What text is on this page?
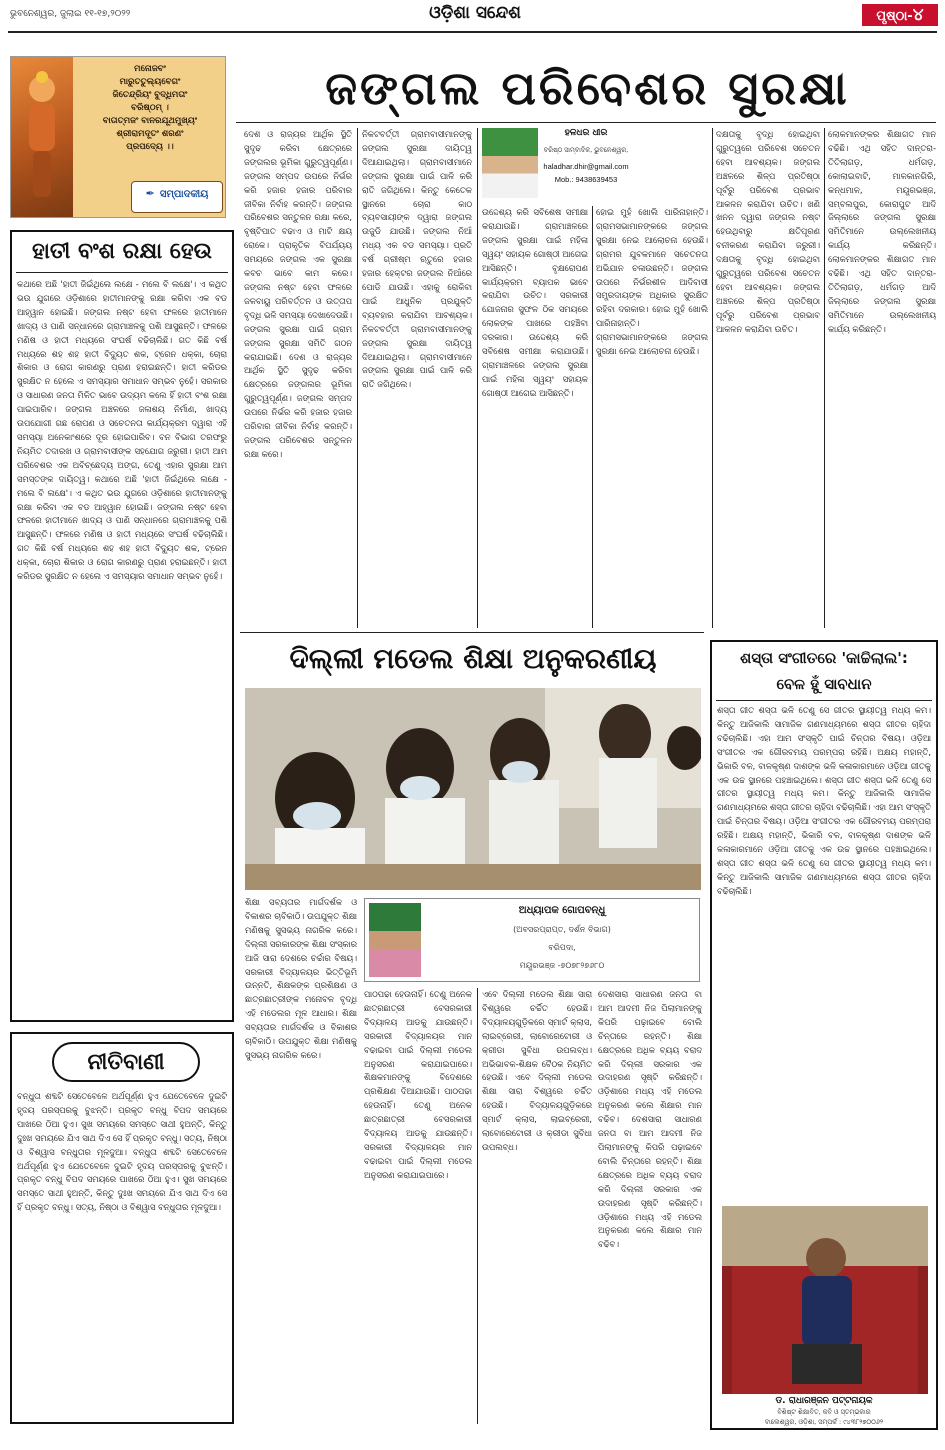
ଭୁବନେଶ୍ୱର, ଜୁଲାଇ ୧୧-୧୭,୨୦୨୨	ଓଡ଼ିଶା ସନ୍ଦେଶ	ପୃଷ୍ଠା-୪
ମନୋଜବଂ
ମାରୁତତୁଲ୍ୟବେଗଂ
ଜିତେନ୍ଦ୍ରିୟଂ ବୁଦ୍ଧିମତାଂ
ବରିଷ୍ଠମ୍ ।
ବାତାତ୍ମଜଂ ବାନରଯୂଥମୁଖ୍ୟଂ
ଶ୍ରୀରାମଦୂତଂ ଶରଣଂ
ପ୍ରପଦ୍ୟେ ।।
✒ ସମ୍ପାଦକୀୟ
ଜଙ୍ଗଲ ପରିବେଶର ସୁରକ୍ଷା
ହାତୀ ବଂଶ ରକ୍ଷା ହେଉ
କଥାରେ ଅଛି 'ହାତୀ ଜିଇଁଥିଲେ ଲକ୍ଷେ - ମଲେ ବି ଲକ୍ଷେ'। ଏ କଥିତ ଭଉ ଯୁଗରେ ଓଡ଼ିଶାରେ ହାତୀମାନଙ୍କୁ ରକ୍ଷା କରିବା ଏକ ବଡ ଆହ୍ୱାନ ହୋଇଛି। ଜଙ୍ଗଲ ନଷ୍ଟ ହେବା ଫଳରେ ହାତୀମାନେ ଖାଦ୍ୟ ଓ ପାଣି ସନ୍ଧାନରେ ଗ୍ରାମାଞ୍ଚଳକୁ ପଶି ଆସୁଛନ୍ତି। ଫଳରେ ମଣିଷ ଓ ହାତୀ ମଧ୍ୟରେ ସଂଘର୍ଷ ବଢିଚାଲିଛି। ଗତ କିଛି ବର୍ଷ ମଧ୍ୟରେ ଶହ ଶହ ହାତୀ ବିଦ୍ୟୁତ ଶକ, ଟ୍ରେନ ଧକ୍କା, ଚୋରା ଶିକାର ଓ ରୋଗ କାରଣରୁ ପ୍ରାଣ ହରାଇଛନ୍ତି। ହାତୀ କରିଡର ସୁରକ୍ଷିତ ନ ହେଲେ ଏ ସମସ୍ୟାର ସମାଧାନ ସମ୍ଭବ ନୁହେଁ। ସରକାର ଓ ସାଧାରଣ ଜନତା ମିଳିତ ଭାବେ ଉଦ୍ୟମ କଲେ ହିଁ ହାତୀ ବଂଶ ରକ୍ଷା ପାଇପାରିବ। ଜଙ୍ଗଲ ଅଞ୍ଚଳରେ ଜଳାଶୟ ନିର୍ମାଣ, ଖାଦ୍ୟ ଉପଯୋଗୀ ଗଛ ରୋପଣ ଓ ସଚେତନତା କାର୍ଯ୍ୟକ୍ରମ ଦ୍ୱାରା ଏହି ସମସ୍ୟା ଅନେକାଂଶରେ ଦୂର ହୋଇପାରିବ। ବନ ବିଭାଗ ତରଫରୁ ନିୟମିତ ତଦାରଖ ଓ ଗ୍ରାମବାସୀଙ୍କ ସହଯୋଗ ଜରୁରୀ। ହାତୀ ଆମ ପରିବେଶର ଏକ ଅବିଚ୍ଛେଦ୍ୟ ଅଙ୍ଗ, ତେଣୁ ଏହାର ସୁରକ୍ଷା ଆମ ସମସ୍ତଙ୍କ ଦାୟିତ୍ୱ। କଥାରେ ଅଛି 'ହାତୀ ଜିଇଁଥିଲେ ଲକ୍ଷେ - ମଲେ ବି ଲକ୍ଷେ'। ଏ କଥିତ ଭଉ ଯୁଗରେ ଓଡ଼ିଶାରେ ହାତୀମାନଙ୍କୁ ରକ୍ଷା କରିବା ଏକ ବଡ ଆହ୍ୱାନ ହୋଇଛି। ଜଙ୍ଗଲ ନଷ୍ଟ ହେବା ଫଳରେ ହାତୀମାନେ ଖାଦ୍ୟ ଓ ପାଣି ସନ୍ଧାନରେ ଗ୍ରାମାଞ୍ଚଳକୁ ପଶି ଆସୁଛନ୍ତି। ଫଳରେ ମଣିଷ ଓ ହାତୀ ମଧ୍ୟରେ ସଂଘର୍ଷ ବଢିଚାଲିଛି। ଗତ କିଛି ବର୍ଷ ମଧ୍ୟରେ ଶହ ଶହ ହାତୀ ବିଦ୍ୟୁତ ଶକ, ଟ୍ରେନ ଧକ୍କା, ଚୋରା ଶିକାର ଓ ରୋଗ କାରଣରୁ ପ୍ରାଣ ହରାଇଛନ୍ତି। ହାତୀ କରିଡର ସୁରକ୍ଷିତ ନ ହେଲେ ଏ ସମସ୍ୟାର ସମାଧାନ ସମ୍ଭବ ନୁହେଁ।
ନୀତିବାଣୀ
ବନ୍ଧୁତା ଶବ୍ଦଟି ସେତେବେଳେ ଅର୍ଥପୂର୍ଣ୍ଣ ହୁଏ ଯେତେବେଳେ ଦୁଇଟି ହୃଦୟ ପରସ୍ପରକୁ ବୁଝନ୍ତି। ପ୍ରକୃତ ବନ୍ଧୁ ବିପଦ ସମୟରେ ପାଖରେ ଠିଆ ହୁଏ। ସୁଖ ସମୟରେ ସମସ୍ତେ ସାଥୀ ହୁଅନ୍ତି, କିନ୍ତୁ ଦୁଃଖ ସମୟରେ ଯିଏ ସାଥ ଦିଏ ସେ ହିଁ ପ୍ରକୃତ ବନ୍ଧୁ। ସତ୍ୟ, ନିଷ୍ଠା ଓ ବିଶ୍ୱାସ ବନ୍ଧୁତାର ମୂଳଦୁଆ। ବନ୍ଧୁତା ଶବ୍ଦଟି ସେତେବେଳେ ଅର୍ଥପୂର୍ଣ୍ଣ ହୁଏ ଯେତେବେଳେ ଦୁଇଟି ହୃଦୟ ପରସ୍ପରକୁ ବୁଝନ୍ତି। ପ୍ରକୃତ ବନ୍ଧୁ ବିପଦ ସମୟରେ ପାଖରେ ଠିଆ ହୁଏ। ସୁଖ ସମୟରେ ସମସ୍ତେ ସାଥୀ ହୁଅନ୍ତି, କିନ୍ତୁ ଦୁଃଖ ସମୟରେ ଯିଏ ସାଥ ଦିଏ ସେ ହିଁ ପ୍ରକୃତ ବନ୍ଧୁ। ସତ୍ୟ, ନିଷ୍ଠା ଓ ବିଶ୍ୱାସ ବନ୍ଧୁତାର ମୂଳଦୁଆ।
ଦେଶ ଓ ରାଜ୍ୟର ଆର୍ଥିକ ସ୍ଥିତି ସୁଦୃଢ କରିବା କ୍ଷେତ୍ରରେ ଜଙ୍ଗଲର ଭୂମିକା ଗୁରୁତ୍ୱପୂର୍ଣ୍ଣ। ଜଙ୍ଗଲ ସମ୍ପଦ ଉପରେ ନିର୍ଭର କରି ହଜାର ହଜାର ପରିବାର ଜୀବିକା ନିର୍ବାହ କରନ୍ତି। ଜଙ୍ଗଲ ପରିବେଶର ସନ୍ତୁଳନ ରକ୍ଷା କରେ, ବୃଷ୍ଟିପାତ ବଢାଏ ଓ ମାଟି କ୍ଷୟ ରୋକେ। ପ୍ରାକୃତିକ ବିପର୍ଯ୍ୟୟ ସମୟରେ ଜଙ୍ଗଲ ଏକ ସୁରକ୍ଷା କବଚ ଭାବେ କାମ କରେ। ଜଙ୍ଗଲ ନଷ୍ଟ ହେବା ଫଳରେ ଜଳବାୟୁ ପରିବର୍ତ୍ତନ ଓ ଉତ୍ତାପ ବୃଦ୍ଧି ଭଳି ସମସ୍ୟା ଦେଖାଦେଉଛି। ଜଙ୍ଗଲ ସୁରକ୍ଷା ପାଇଁ ଗ୍ରାମ ଜଙ୍ଗଲ ସୁରକ୍ଷା ସମିତି ଗଠନ କରାଯାଇଛି। ଦେଶ ଓ ରାଜ୍ୟର ଆର୍ଥିକ ସ୍ଥିତି ସୁଦୃଢ କରିବା କ୍ଷେତ୍ରରେ ଜଙ୍ଗଲର ଭୂମିକା ଗୁରୁତ୍ୱପୂର୍ଣ୍ଣ। ଜଙ୍ଗଲ ସମ୍ପଦ ଉପରେ ନିର୍ଭର କରି ହଜାର ହଜାର ପରିବାର ଜୀବିକା ନିର୍ବାହ କରନ୍ତି। ଜଙ୍ଗଲ ପରିବେଶର ସନ୍ତୁଳନ ରକ୍ଷା କରେ।
ନିକଟବର୍ତ୍ତୀ ଗ୍ରାମବାସୀମାନଙ୍କୁ ଜଙ୍ଗଲ ସୁରକ୍ଷା ଦାୟିତ୍ୱ ଦିଆଯାଇଥିଲା। ଗ୍ରାମବାସୀମାନେ ଜଙ୍ଗଲ ସୁରକ୍ଷା ପାଇଁ ପାଳି କରି ରାତି ଜଗିଥିଲେ। କିନ୍ତୁ କେତେକ ସ୍ଥାନରେ ଚୋରା କାଠ ବ୍ୟବସାୟୀଙ୍କ ଦ୍ୱାରା ଜଙ୍ଗଲ ଉଜୁଡି ଯାଉଛି। ଜଙ୍ଗଲ ନିଆଁ ମଧ୍ୟ ଏକ ବଡ ସମସ୍ୟା। ପ୍ରତି ବର୍ଷ ଗ୍ରୀଷ୍ମ ଋତୁରେ ହଜାର ହଜାର ହେକ୍ଟର ଜଙ୍ଗଲ ନିଆଁରେ ପୋଡି ଯାଉଛି। ଏହାକୁ ରୋକିବା ପାଇଁ ଆଧୁନିକ ପ୍ରଯୁକ୍ତି ବ୍ୟବହାର କରାଯିବା ଆବଶ୍ୟକ। ନିକଟବର୍ତ୍ତୀ ଗ୍ରାମବାସୀମାନଙ୍କୁ ଜଙ୍ଗଲ ସୁରକ୍ଷା ଦାୟିତ୍ୱ ଦିଆଯାଇଥିଲା। ଗ୍ରାମବାସୀମାନେ ଜଙ୍ଗଲ ସୁରକ୍ଷା ପାଇଁ ପାଳି କରି ରାତି ଜଗିଥିଲେ।
ହଳଧର ଧୀର
ବରିଷ୍ଠ ସାମ୍ବାଦିକ, ଭୁବନେଶ୍ୱର,
haladhar.dhir@gmail.com
Mob.: 9438639453
ଉଦ୍ଦେଶ୍ୟ କରି ସବିଶେଷ ସମୀକ୍ଷା କରାଯାଉଛି। ଗ୍ରାମାଞ୍ଚଳରେ ଜଙ୍ଗଲ ସୁରକ୍ଷା ପାଇଁ ମହିଳା ସ୍ୱୟଂ ସହାୟକ ଗୋଷ୍ଠୀ ଆଗେଇ ଆସିଛନ୍ତି। ବୃକ୍ଷରୋପଣ କାର୍ଯ୍ୟକ୍ରମ ବ୍ୟାପକ ଭାବେ କରାଯିବା ଉଚିତ। ସରକାରୀ ଯୋଜନାର ସୁଫଳ ଠିକ ସମୟରେ ଲୋକଙ୍କ ପାଖରେ ପହଞ୍ଚିବା ଦରକାର। ଉଦ୍ଦେଶ୍ୟ କରି ସବିଶେଷ ସମୀକ୍ଷା କରାଯାଉଛି। ଗ୍ରାମାଞ୍ଚଳରେ ଜଙ୍ଗଲ ସୁରକ୍ଷା ପାଇଁ ମହିଳା ସ୍ୱୟଂ ସହାୟକ ଗୋଷ୍ଠୀ ଆଗେଇ ଆସିଛନ୍ତି।
ହୋଇ ମୁହଁ ଖୋଲି ପାରିନାହାନ୍ତି। ଗ୍ରାମସଭାମାନଙ୍କରେ ଜଙ୍ଗଲ ସୁରକ୍ଷା ନେଇ ଆଲୋଚନା ହେଉଛି। ଗ୍ରାମର ଯୁବକମାନେ ସଚେତନତା ଅଭିଯାନ ଚଳାଉଛନ୍ତି। ଜଙ୍ଗଲ ଉପରେ ନିର୍ଭରଶୀଳ ଆଦିବାସୀ ସମ୍ପ୍ରଦାୟଙ୍କ ଅଧିକାର ସୁରକ୍ଷିତ ରହିବା ଦରକାର। ହୋଇ ମୁହଁ ଖୋଲି ପାରିନାହାନ୍ତି। ଗ୍ରାମସଭାମାନଙ୍କରେ ଜଙ୍ଗଲ ସୁରକ୍ଷା ନେଇ ଆଲୋଚନା ହେଉଛି।
ଦକ୍ଷତାକୁ ବୃଦ୍ଧି ହୋଇଥିବା ଗୁରୁତ୍ୱରେ ପରିବେଶ ସଚେତନ ହେବା ଆବଶ୍ୟକ। ଜଙ୍ଗଲ ଅଞ୍ଚଳରେ ଶିଳ୍ପ ପ୍ରତିଷ୍ଠା ପୂର୍ବରୁ ପରିବେଶ ପ୍ରଭାବ ଆକଳନ କରାଯିବା ଉଚିତ। ଖଣି ଖନନ ଦ୍ୱାରା ଜଙ୍ଗଲ ନଷ୍ଟ ହେଉଥିବାରୁ କ୍ଷତିପୂରଣ ବନୀକରଣ କରାଯିବା ଜରୁରୀ। ଦକ୍ଷତାକୁ ବୃଦ୍ଧି ହୋଇଥିବା ଗୁରୁତ୍ୱରେ ପରିବେଶ ସଚେତନ ହେବା ଆବଶ୍ୟକ। ଜଙ୍ଗଲ ଅଞ୍ଚଳରେ ଶିଳ୍ପ ପ୍ରତିଷ୍ଠା ପୂର୍ବରୁ ପରିବେଶ ପ୍ରଭାବ ଆକଳନ କରାଯିବା ଉଚିତ।
ଲୋକମାନଙ୍କର ଶିକ୍ଷାଗତ ମାନ ବଢିଛି। ଏଥି ସହିତ ଦାନ୍ତରା-ତିତିଲାଗଡ଼, ଧର୍ମଗଡ଼, କୋଲାଇବାଟି, ମାଳକାନଗିରି, କନ୍ଧମାଳ, ମୟୂରଭଞ୍ଜ, ସମ୍ବଲପୁର, କୋରାପୁଟ ଆଦି ଜିଲ୍ଲାରେ ଜଙ୍ଗଲ ସୁରକ୍ଷା ସମିତିମାନେ ଉଲ୍ଲେଖନୀୟ କାର୍ଯ୍ୟ କରିଛନ୍ତି। ଲୋକମାନଙ୍କର ଶିକ୍ଷାଗତ ମାନ ବଢିଛି। ଏଥି ସହିତ ଦାନ୍ତରା-ତିତିଲାଗଡ଼, ଧର୍ମଗଡ଼ ଆଦି ଜିଲ୍ଲାରେ ଜଙ୍ଗଲ ସୁରକ୍ଷା ସମିତିମାନେ ଉଲ୍ଲେଖନୀୟ କାର୍ଯ୍ୟ କରିଛନ୍ତି।
ଦିଲ୍ଲୀ ମଡେଲ ଶିକ୍ଷା ଅନୁକରଣୀୟ
ଶିକ୍ଷା ସବ୍ୟତାର ମାର୍ଗଦର୍ଶକ ଓ ବିକାଶର ଚାବିକାଠି। ଉପଯୁକ୍ତ ଶିକ୍ଷା ମଣିଷକୁ ସୁସଭ୍ୟ ନାଗରିକ କରେ। ଦିଲ୍ଲୀ ସରକାରଙ୍କ ଶିକ୍ଷା ସଂସ୍କାର ଆଜି ସାରା ଦେଶରେ ଚର୍ଚ୍ଚାର ବିଷୟ। ସରକାରୀ ବିଦ୍ୟାଳୟର ଭିତ୍ତିଭୂମି ଉନ୍ନତି, ଶିକ୍ଷକଙ୍କ ପ୍ରଶିକ୍ଷଣ ଓ ଛାତ୍ରଛାତ୍ରୀଙ୍କ ମନୋବଳ ବୃଦ୍ଧି ଏହି ମଡେଲର ମୂଳ ଆଧାର। ଶିକ୍ଷା ସବ୍ୟତାର ମାର୍ଗଦର୍ଶକ ଓ ବିକାଶର ଚାବିକାଠି। ଉପଯୁକ୍ତ ଶିକ୍ଷା ମଣିଷକୁ ସୁସଭ୍ୟ ନାଗରିକ କରେ।
ଅଧ୍ୟାପକ ଗୋପବନ୍ଧୁ
(ଅବସରପ୍ରାପ୍ତ, ଦର୍ଶନ ବିଭାଗ)
ବରିପଦା,
ମୟୂରଭଞ୍ଜ -୭୦୭୮୨୭୬୮୦
ପାଠପଢା ହେଉନାହିଁ। ତେଣୁ ଅନେକ ଛାତ୍ରଛାତ୍ରୀ ବେସରକାରୀ ବିଦ୍ୟାଳୟ ଆଡକୁ ଯାଉଛନ୍ତି। ସରକାରୀ ବିଦ୍ୟାଳୟର ମାନ ବଢାଇବା ପାଇଁ ଦିଲ୍ଲୀ ମଡେଲ ଅନୁସରଣ କରାଯାଇପାରେ। ଶିକ୍ଷକମାନଙ୍କୁ ବିଦେଶରେ ପ୍ରଶିକ୍ଷଣ ଦିଆଯାଉଛି। ପାଠପଢା ହେଉନାହିଁ। ତେଣୁ ଅନେକ ଛାତ୍ରଛାତ୍ରୀ ବେସରକାରୀ ବିଦ୍ୟାଳୟ ଆଡକୁ ଯାଉଛନ୍ତି। ସରକାରୀ ବିଦ୍ୟାଳୟର ମାନ ବଢାଇବା ପାଇଁ ଦିଲ୍ଲୀ ମଡେଲ ଅନୁସରଣ କରାଯାଇପାରେ।
ଏବେ ଦିଲ୍ଲୀ ମଡେଲ ଶିକ୍ଷା ସାରା ବିଶ୍ୱରେ ଚର୍ଚ୍ଚିତ ହେଉଛି। ବିଦ୍ୟାଳୟଗୁଡ଼ିକରେ ସ୍ମାର୍ଟ କ୍ଲାସ, ଲାଇବ୍ରେରୀ, ଲାବୋରେଟୋରୀ ଓ କ୍ରୀଡା ସୁବିଧା ଉପଲବ୍ଧ। ଅଭିଭାବକ-ଶିକ୍ଷକ ବୈଠକ ନିୟମିତ ହେଉଛି। ଏବେ ଦିଲ୍ଲୀ ମଡେଲ ଶିକ୍ଷା ସାରା ବିଶ୍ୱରେ ଚର୍ଚ୍ଚିତ ହେଉଛି। ବିଦ୍ୟାଳୟଗୁଡ଼ିକରେ ସ୍ମାର୍ଟ କ୍ଲାସ, ଲାଇବ୍ରେରୀ, ଲାବୋରେଟୋରୀ ଓ କ୍ରୀଡା ସୁବିଧା ଉପଲବ୍ଧ।
ଦେଶସାରା ସାଧାରଣ ଜନତା ବା ଆମ ଆଦମୀ ନିଜ ପିଲାମାନଙ୍କୁ କିପରି ପଢ଼ାଇବେ ବୋଲି ଚିନ୍ତାରେ ରହନ୍ତି। ଶିକ୍ଷା କ୍ଷେତ୍ରରେ ଅଧିକ ବ୍ୟୟ ବରାଦ କରି ଦିଲ୍ଲୀ ସରକାର ଏକ ଉଦାହରଣ ସୃଷ୍ଟି କରିଛନ୍ତି। ଓଡ଼ିଶାରେ ମଧ୍ୟ ଏହି ମଡେଲ ଅନୁକରଣ କଲେ ଶିକ୍ଷାର ମାନ ବଢିବ। ଦେଶସାରା ସାଧାରଣ ଜନତା ବା ଆମ ଆଦମୀ ନିଜ ପିଲାମାନଙ୍କୁ କିପରି ପଢ଼ାଇବେ ବୋଲି ଚିନ୍ତାରେ ରହନ୍ତି। ଶିକ୍ଷା କ୍ଷେତ୍ରରେ ଅଧିକ ବ୍ୟୟ ବରାଦ କରି ଦିଲ୍ଲୀ ସରକାର ଏକ ଉଦାହରଣ ସୃଷ୍ଟି କରିଛନ୍ତି। ଓଡ଼ିଶାରେ ମଧ୍ୟ ଏହି ମଡେଲ ଅନୁକରଣ କଲେ ଶିକ୍ଷାର ମାନ ବଢିବ।
ଶସ୍ତା ସଂଗୀତରେ 'କାଚ୍ଚିଲାଲ':
ବେଳ ହୁଁ ସାବଧାନ
ଶସ୍ତା ଗୀତ ଶସ୍ତା ଭଳି ତେଣୁ ସେ ଗୀତର ସ୍ଥାୟୀତ୍ୱ ମଧ୍ୟ କମ। କିନ୍ତୁ ଆଜିକାଲି ସାମାଜିକ ଗଣମାଧ୍ୟମରେ ଶସ୍ତା ଗୀତର ଚାହିଦା ବଢିଚାଲିଛି। ଏହା ଆମ ସଂସ୍କୃତି ପାଇଁ ଚିନ୍ତାର ବିଷୟ। ଓଡ଼ିଆ ସଂଗୀତର ଏକ ଗୌରବମୟ ପରମ୍ପରା ରହିଛି। ଅକ୍ଷୟ ମହାନ୍ତି, ଭିକାରି ବଳ, ବାଳକୃଷ୍ଣ ଦାଶଙ୍କ ଭଳି କଳାକାରମାନେ ଓଡ଼ିଆ ଗୀତକୁ ଏକ ଉଚ୍ଚ ସ୍ଥାନରେ ପହଞ୍ଚାଇଥିଲେ। ଶସ୍ତା ଗୀତ ଶସ୍ତା ଭଳି ତେଣୁ ସେ ଗୀତର ସ୍ଥାୟୀତ୍ୱ ମଧ୍ୟ କମ। କିନ୍ତୁ ଆଜିକାଲି ସାମାଜିକ ଗଣମାଧ୍ୟମରେ ଶସ୍ତା ଗୀତର ଚାହିଦା ବଢିଚାଲିଛି। ଏହା ଆମ ସଂସ୍କୃତି ପାଇଁ ଚିନ୍ତାର ବିଷୟ। ଓଡ଼ିଆ ସଂଗୀତର ଏକ ଗୌରବମୟ ପରମ୍ପରା ରହିଛି। ଅକ୍ଷୟ ମହାନ୍ତି, ଭିକାରି ବଳ, ବାଳକୃଷ୍ଣ ଦାଶଙ୍କ ଭଳି କଳାକାରମାନେ ଓଡ଼ିଆ ଗୀତକୁ ଏକ ଉଚ୍ଚ ସ୍ଥାନରେ ପହଞ୍ଚାଇଥିଲେ। ଶସ୍ତା ଗୀତ ଶସ୍ତା ଭଳି ତେଣୁ ସେ ଗୀତର ସ୍ଥାୟୀତ୍ୱ ମଧ୍ୟ କମ। କିନ୍ତୁ ଆଜିକାଲି ସାମାଜିକ ଗଣମାଧ୍ୟମରେ ଶସ୍ତା ଗୀତର ଚାହିଦା ବଢିଚାଲିଛି।
ଡ. ରାଧାରଞ୍ଜନ ପଟ୍ଟନାୟକ
ବିଶିଷ୍ଟ ଶିକ୍ଷାବିତ, କବି ଓ ସ୍ତମ୍ଭକାର
ବାଲେଶ୍ୱର, ଓଡ଼ିଶା, ସମ୍ପର୍କ : ୯୪୩୮୨୭୦୦୬୨
